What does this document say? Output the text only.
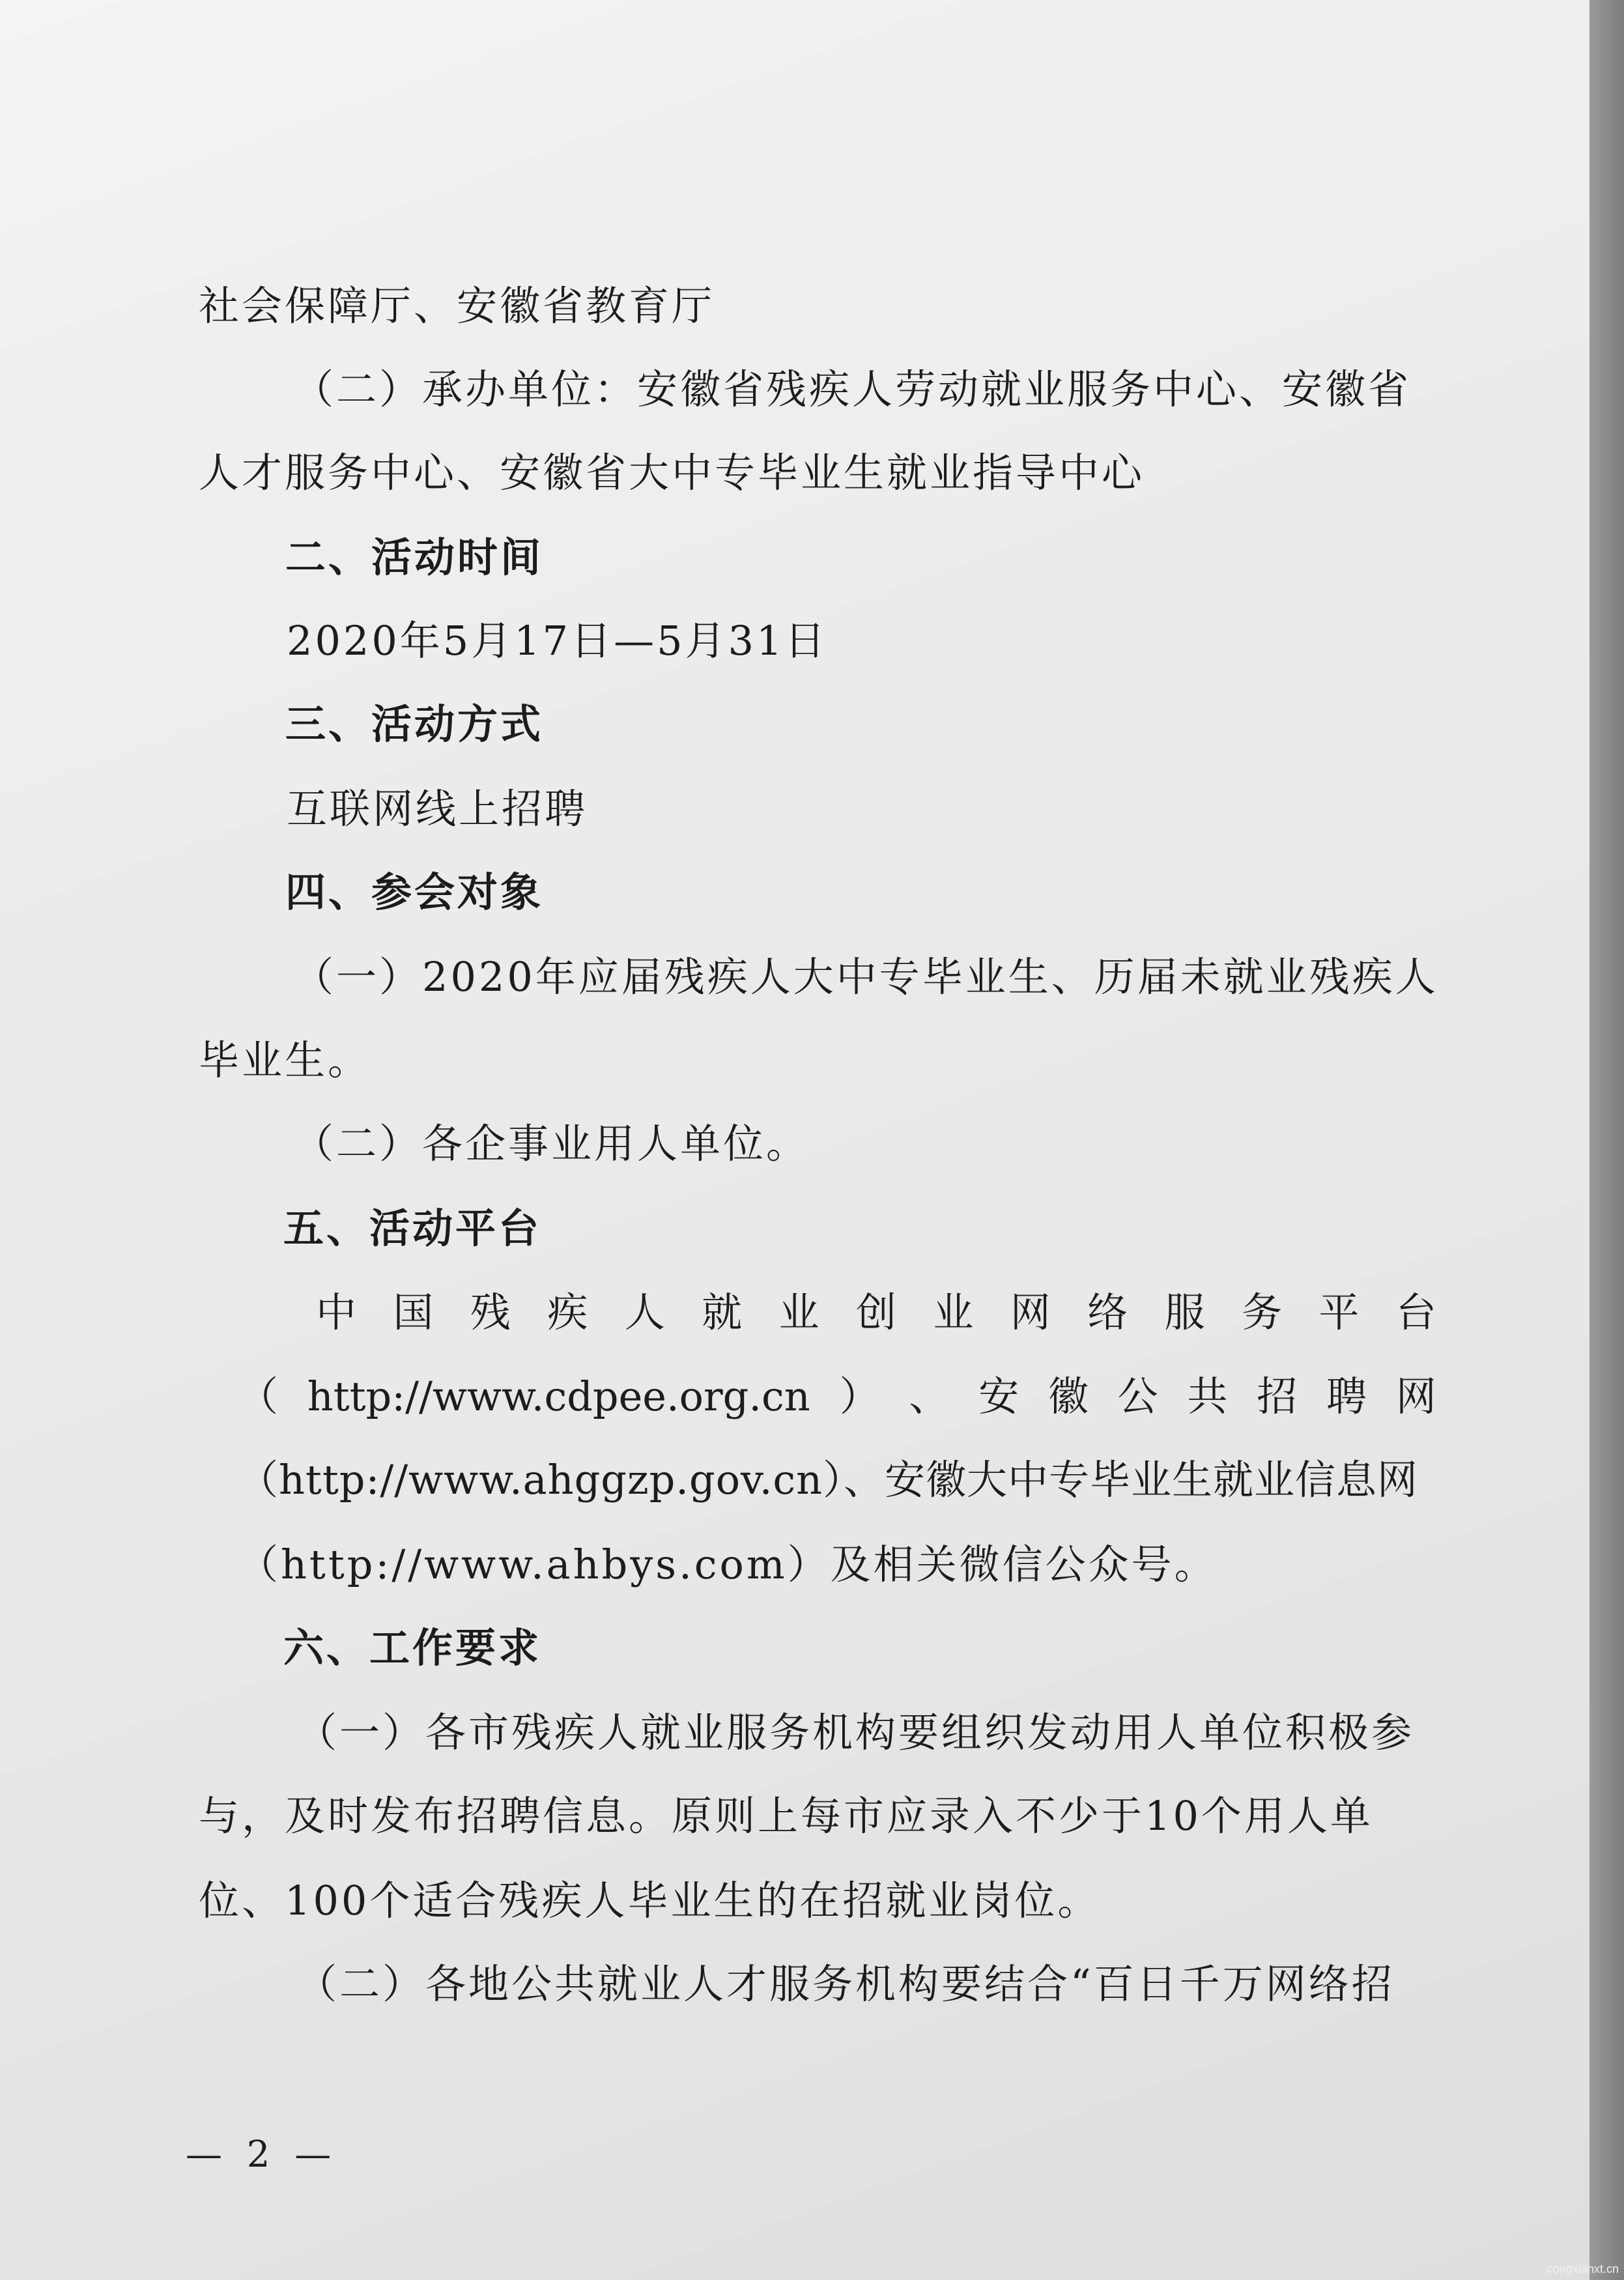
社会保障厅、安徽省教育厅
（二）承办单位：安徽省残疾人劳动就业服务中心、安徽省
人才服务中心、安徽省大中专毕业生就业指导中心
二、活动时间
2020年5月17日—5月31日
三、活动方式
互联网线上招聘
四、参会对象
（一）2020年应届残疾人大中专毕业生、历届未就业残疾人
毕业生。
（二）各企事业用人单位。
五、活动平台
中 国 残 疾 人 就 业 创 业 网 络 服 务 平 台
（ http://www.cdpee.org.cn ） 、 安 徽 公 共 招 聘 网
（http://www.ahggzp.gov.cn）、安徽大中专毕业生就业信息网
（http://www.ahbys.com）及相关微信公众号。
六、工作要求
（一）各市残疾人就业服务机构要组织发动用人单位积极参
与，及时发布招聘信息。原则上每市应录入不少于10个用人单
位、100个适合残疾人毕业生的在招就业岗位。
（二）各地公共就业人才服务机构要结合“百日千万网络招
— 2 —
congxianxt.cn
